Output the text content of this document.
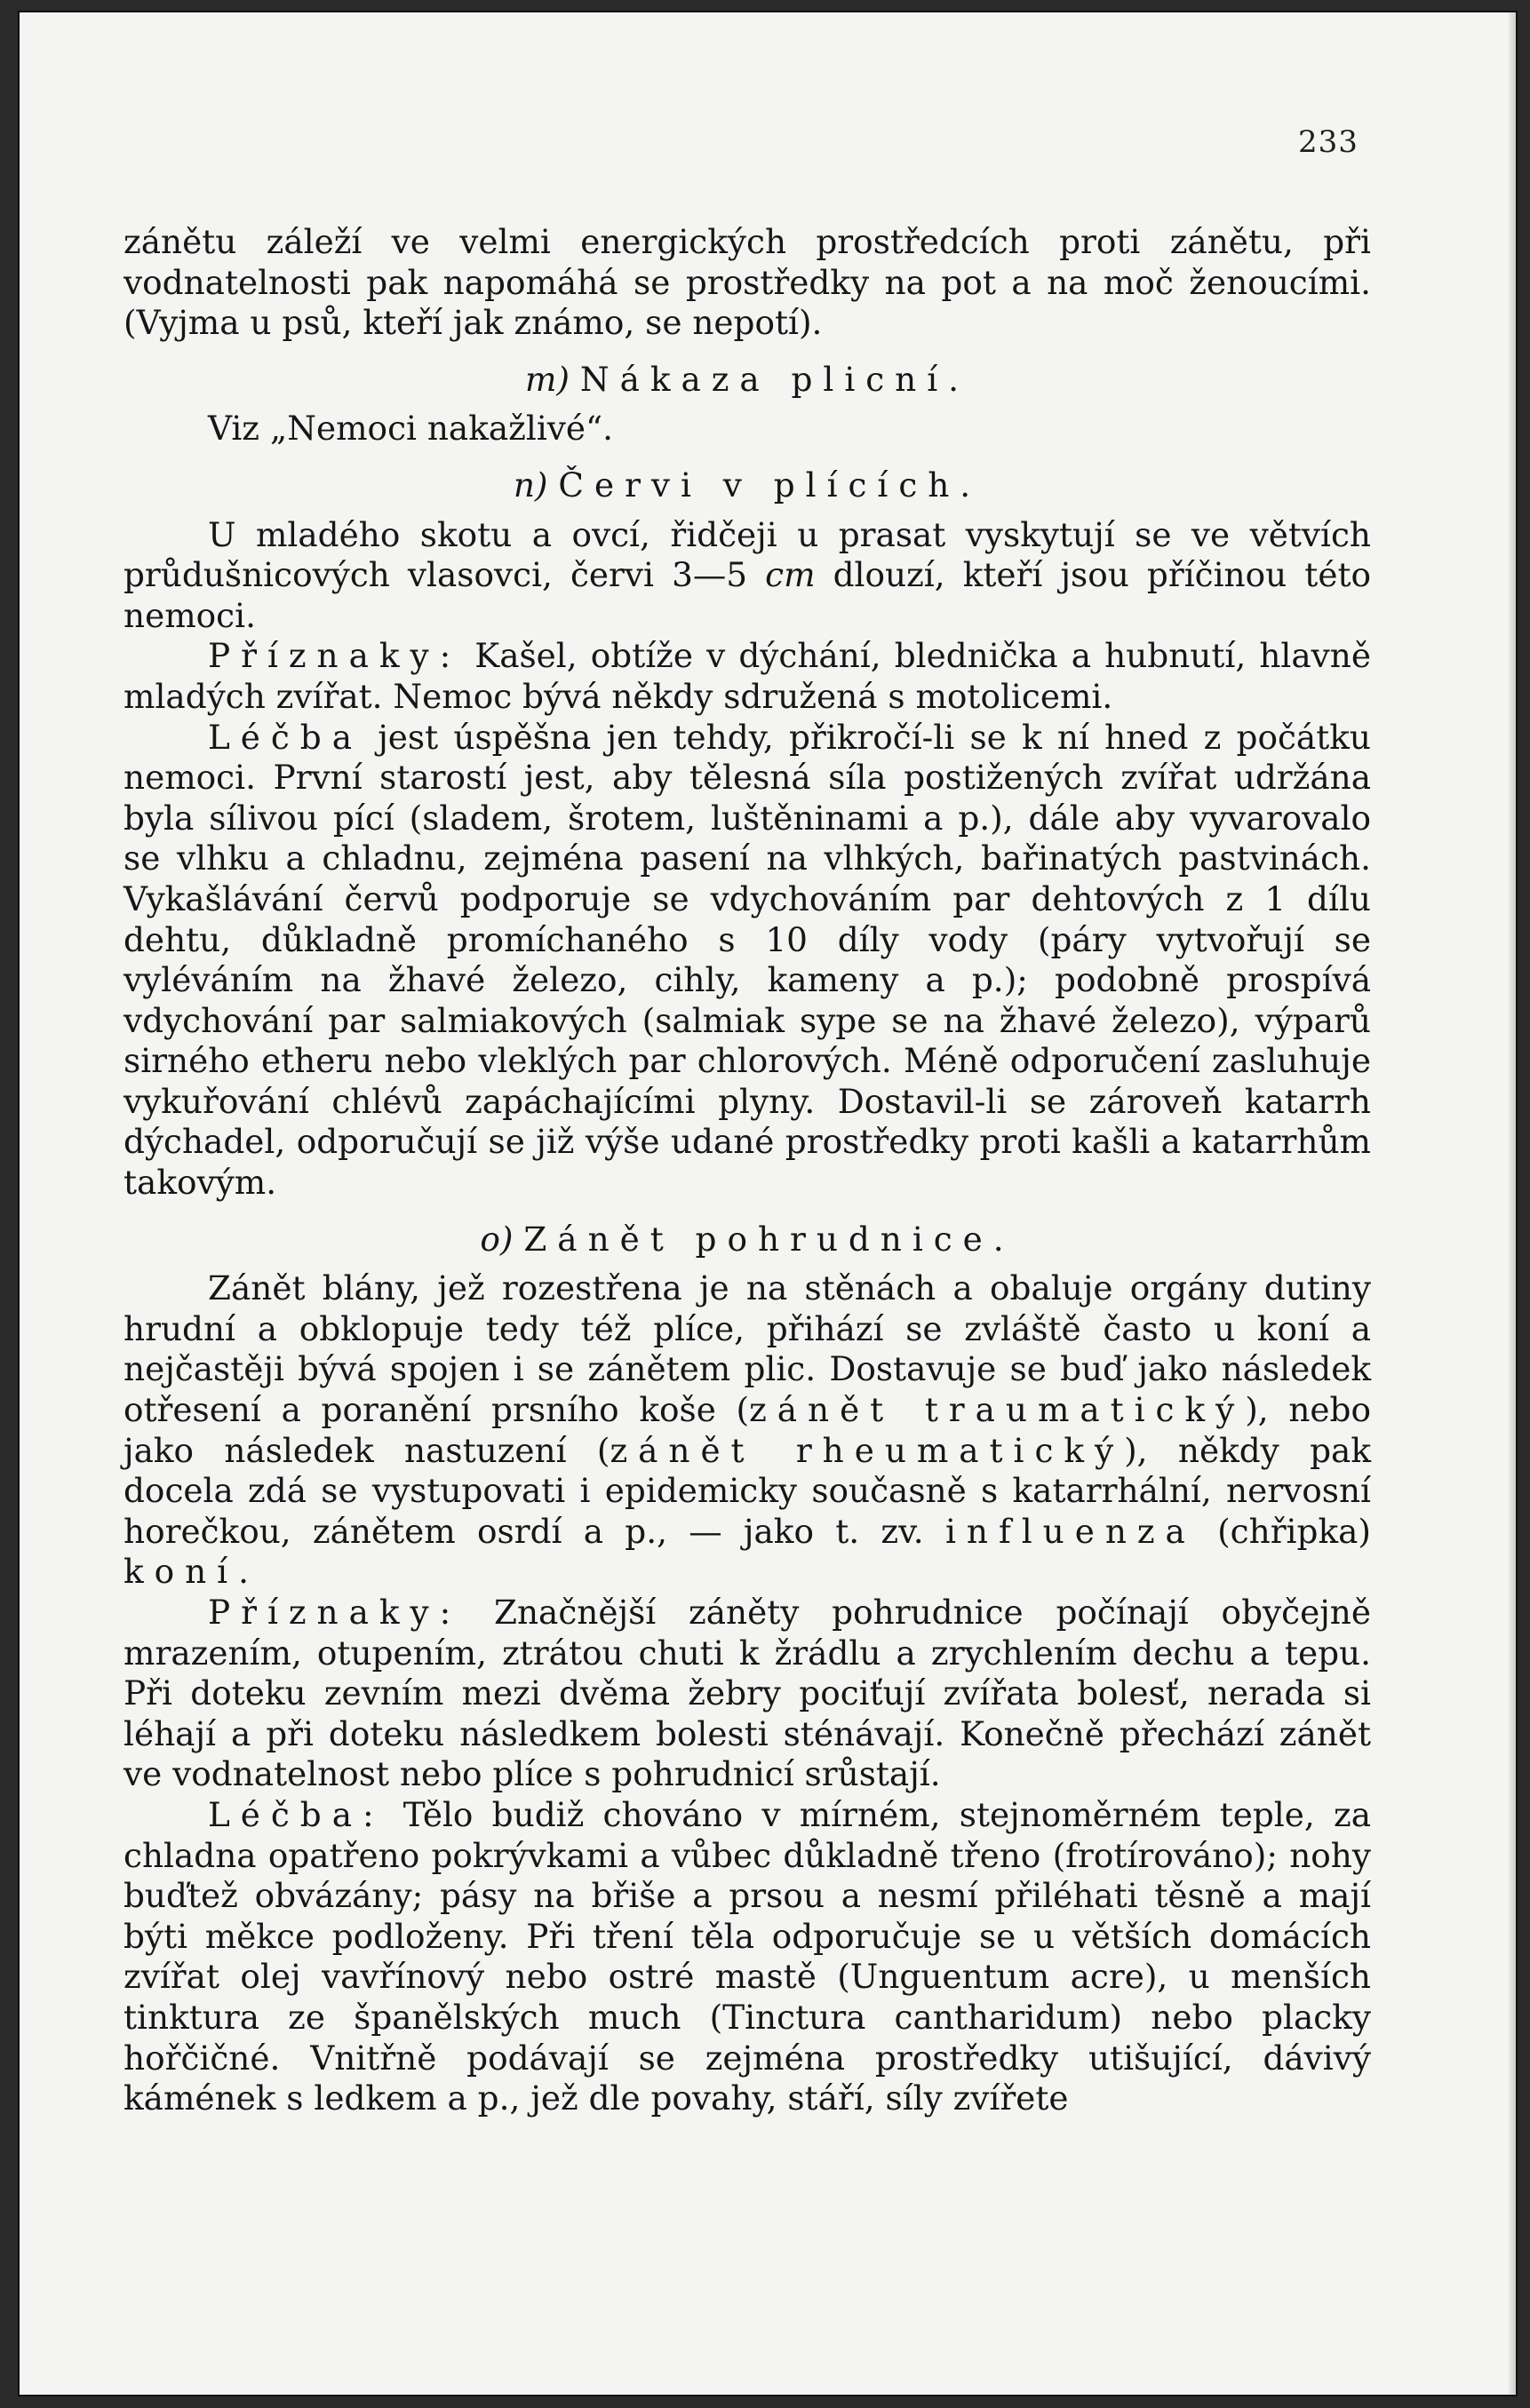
233

zánětu záleží ve velmi energických prostředcích proti zánětu, při vodnatelnosti pak napomáhá se prostředky na pot a na moč ženoucími. (Vyjma u psů, kteří jak známo, se nepotí).

m) Nákaza plicní.

Viz „Nemoci nakažlivé“.

n) Červi v plících.

U mladého skotu a ovcí, řidčeji u prasat vyskytují se ve větvích průdušnicových vlasovci, červi 3—5 cm dlouzí, kteří jsou příčinou této nemoci.

Příznaky: Kašel, obtíže v dýchání, blednička a hubnutí, hlavně mladých zvířat. Nemoc bývá někdy sdružená s motolicemi.

Léčba jest úspěšna jen tehdy, přikročí-li se k ní hned z počátku nemoci. První starostí jest, aby tělesná síla postižených zvířat udržána byla sílivou pící (sladem, šrotem, luštěninami a p.), dále aby vyvarovalo se vlhku a chladnu, zejména pasení na vlhkých, bařinatých pastvinách. Vykašlávání červů podporuje se vdychováním par dehtových z 1 dílu dehtu, důkladně promíchaného s 10 díly vody (páry vytvořují se vyléváním na žhavé železo, cihly, kameny a p.); podobně prospívá vdychování par salmiakových (salmiak sype se na žhavé železo), výparů sirného etheru nebo vleklých par chlorových. Méně odporučení zasluhuje vykuřování chlévů zapáchajícími plyny. Dostavil-li se zároveň katarrh dýchadel, odporučují se již výše udané prostředky proti kašli a katarrhům takovým.

o) Zánět pohrudnice.

Zánět blány, jež rozestřena je na stěnách a obaluje orgány dutiny hrudní a obklopuje tedy též plíce, přihází se zvláště často u koní a nejčastěji bývá spojen i se zánětem plic. Dostavuje se buď jako následek otřesení a poranění prsního koše (zánět traumatický), nebo jako následek nastuzení (zánět rheumatický), někdy pak docela zdá se vystupovati i epidemicky současně s katarrhální, nervosní horečkou, zánětem osrdí a p., — jako t. zv. influenza (chřipka) koní.

Příznaky: Značnější záněty pohrudnice počínají obyčejně mrazením, otupením, ztrátou chuti k žrádlu a zrychlením dechu a tepu. Při doteku zevním mezi dvěma žebry pociťují zvířata bolesť, nerada si léhají a při doteku následkem bolesti sténávají. Konečně přechází zánět ve vodnatelnost nebo plíce s pohrudnicí srůstají.

Léčba: Tělo budiž chováno v mírném, stejnoměrném teple, za chladna opatřeno pokrývkami a vůbec důkladně třeno (frotírováno); nohy buďtež obvázány; pásy na břiše a prsou a nesmí přiléhati těsně a mají býti měkce podloženy. Při tření těla odporučuje se u větších domácích zvířat olej vavřínový nebo ostré mastě (Unguentum acre), u menších tinktura ze španělských much (Tinctura cantharidum) nebo placky hořčičné. Vnitřně podávají se zejména prostředky utišující, dávivý kámének s ledkem a p., jež dle povahy, stáří, síly zvířete
